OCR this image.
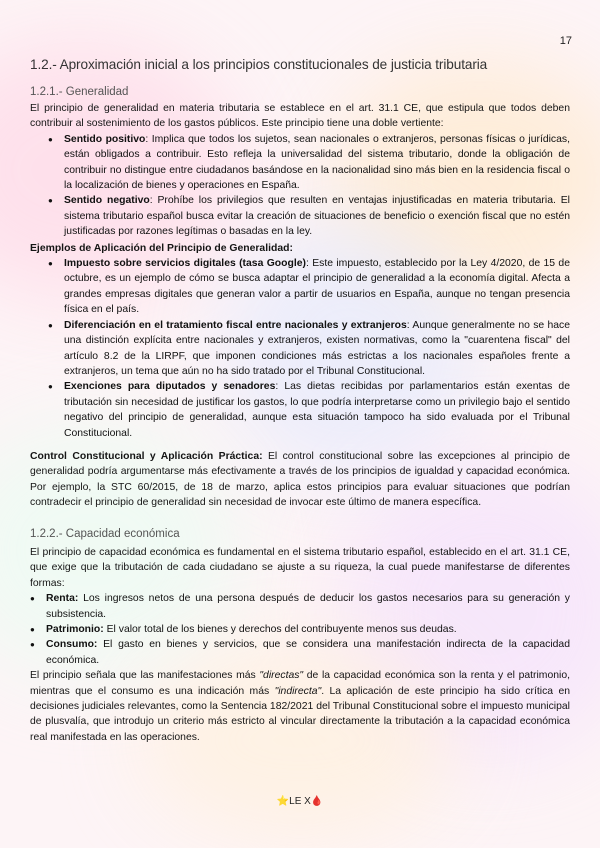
17
1.2.- Aproximación inicial a los principios constitucionales de justicia tributaria
1.2.1.- Generalidad

El principio de generalidad en materia tributaria se establece en el art. 31.1 CE, que estipula que todos deben contribuir al sostenimiento de los gastos públicos. Este principio tiene una doble vertiente:

● Sentido positivo: Implica que todos los sujetos, sean nacionales o extranjeros, personas físicas o jurídicas, están obligados a contribuir. Esto refleja la universalidad del sistema tributario, donde la obligación de contribuir no distingue entre ciudadanos basándose en la nacionalidad sino más bien en la residencia fiscal o la localización de bienes y operaciones en España.
● Sentido negativo: Prohíbe los privilegios que resulten en ventajas injustificadas en materia tributaria. El sistema tributario español busca evitar la creación de situaciones de beneficio o exención fiscal que no estén justificadas por razones legítimas o basadas en la ley.

Ejemplos de Aplicación del Principio de Generalidad:

● Impuesto sobre servicios digitales (tasa Google): Este impuesto, establecido por la Ley 4/2020, de 15 de octubre, es un ejemplo de cómo se busca adaptar el principio de generalidad a la economía digital. Afecta a grandes empresas digitales que generan valor a partir de usuarios en España, aunque no tengan presencia física en el país.
● Diferenciación en el tratamiento fiscal entre nacionales y extranjeros: Aunque generalmente no se hace una distinción explícita entre nacionales y extranjeros, existen normativas, como la "cuarentena fiscal" del artículo 8.2 de la LIRPF, que imponen condiciones más estrictas a los nacionales españoles frente a extranjeros, un tema que aún no ha sido tratado por el Tribunal Constitucional.
● Exenciones para diputados y senadores: Las dietas recibidas por parlamentarios están exentas de tributación sin necesidad de justificar los gastos, lo que podría interpretarse como un privilegio bajo el sentido negativo del principio de generalidad, aunque esta situación tampoco ha sido evaluada por el Tribunal Constitucional.

Control Constitucional y Aplicación Práctica: El control constitucional sobre las excepciones al principio de generalidad podría argumentarse más efectivamente a través de los principios de igualdad y capacidad económica. Por ejemplo, la STC 60/2015, de 18 de marzo, aplica estos principios para evaluar situaciones que podrían contradecir el principio de generalidad sin necesidad de invocar este último de manera específica.

1.2.2.- Capacidad económica

El principio de capacidad económica es fundamental en el sistema tributario español, establecido en el art. 31.1 CE, que exige que la tributación de cada ciudadano se ajuste a su riqueza, la cual puede manifestarse de diferentes formas:

● Renta: Los ingresos netos de una persona después de deducir los gastos necesarios para su generación y subsistencia.
● Patrimonio: El valor total de los bienes y derechos del contribuyente menos sus deudas.
● Consumo: El gasto en bienes y servicios, que se considera una manifestación indirecta de la capacidad económica.

El principio señala que las manifestaciones más "directas" de la capacidad económica son la renta y el patrimonio, mientras que el consumo es una indicación más "indirecta". La aplicación de este principio ha sido crítica en decisiones judiciales relevantes, como la Sentencia 182/2021 del Tribunal Constitucional sobre el impuesto municipal de plusvalía, que introdujo un criterio más estricto al vincular directamente la tributación a la capacidad económica real manifestada en las operaciones.

⭐LE X🩸
